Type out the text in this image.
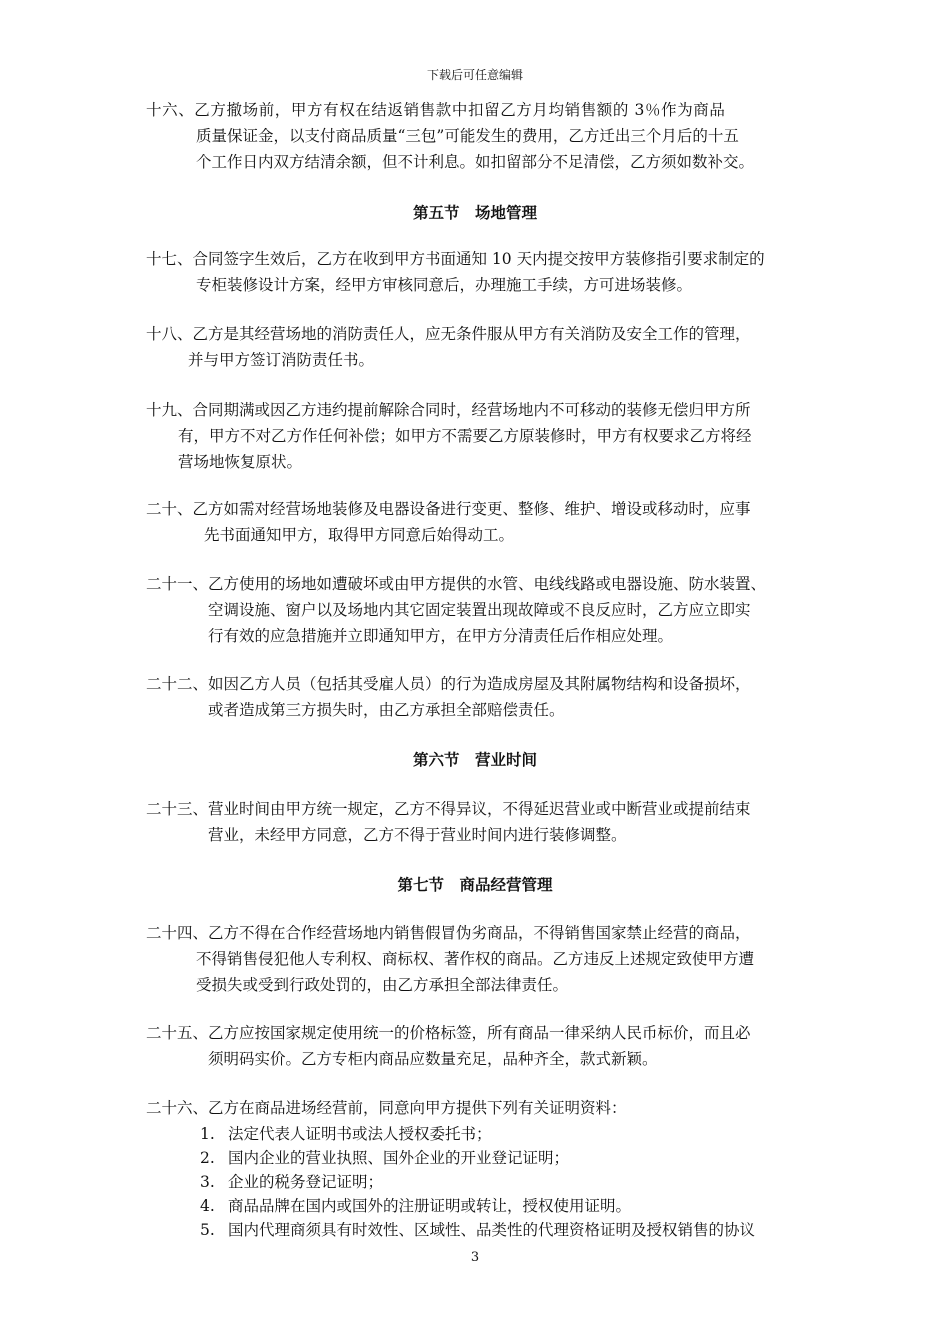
下载后可任意编辑
十六、乙方撤场前，甲方有权在结返销售款中扣留乙方月均销售额的 3％作为商品
质量保证金，以支付商品质量“三包”可能发生的费用，乙方迁出三个月后的十五
个工作日内双方结清余额，但不计利息。如扣留部分不足清偿，乙方须如数补交。
第五节　场地管理
十七、合同签字生效后，乙方在收到甲方书面通知 10 天内提交按甲方装修指引要求制定的
专柜装修设计方案，经甲方审核同意后，办理施工手续，方可进场装修。
十八、乙方是其经营场地的消防责任人，应无条件服从甲方有关消防及安全工作的管理，
并与甲方签订消防责任书。
十九、合同期满或因乙方违约提前解除合同时，经营场地内不可移动的装修无偿归甲方所
有，甲方不对乙方作任何补偿；如甲方不需要乙方原装修时，甲方有权要求乙方将经
营场地恢复原状。
二十、乙方如需对经营场地装修及电器设备进行变更、整修、维护、增设或移动时，应事
先书面通知甲方，取得甲方同意后始得动工。
二十一、乙方使用的场地如遭破坏或由甲方提供的水管、电线线路或电器设施、防水装置、
空调设施、窗户以及场地内其它固定装置出现故障或不良反应时，乙方应立即实
行有效的应急措施并立即通知甲方，在甲方分清责任后作相应处理。
二十二、如因乙方人员（包括其受雇人员）的行为造成房屋及其附属物结构和设备损坏，
或者造成第三方损失时，由乙方承担全部赔偿责任。
第六节　营业时间
二十三、营业时间由甲方统一规定，乙方不得异议，不得延迟营业或中断营业或提前结束
营业，未经甲方同意，乙方不得于营业时间内进行装修调整。
第七节　商品经营管理
二十四、乙方不得在合作经营场地内销售假冒伪劣商品，不得销售国家禁止经营的商品，
不得销售侵犯他人专利权、商标权、著作权的商品。乙方违反上述规定致使甲方遭
受损失或受到行政处罚的，由乙方承担全部法律责任。
二十五、乙方应按国家规定使用统一的价格标签，所有商品一律采纳人民币标价，而且必
须明码实价。乙方专柜内商品应数量充足，品种齐全，款式新颖。
二十六、乙方在商品进场经营前，同意向甲方提供下列有关证明资料：
1. 法定代表人证明书或法人授权委托书；
2. 国内企业的营业执照、国外企业的开业登记证明；
3. 企业的税务登记证明；
4. 商品品牌在国内或国外的注册证明或转让，授权使用证明。
5. 国内代理商须具有时效性、区域性、品类性的代理资格证明及授权销售的协议
3
